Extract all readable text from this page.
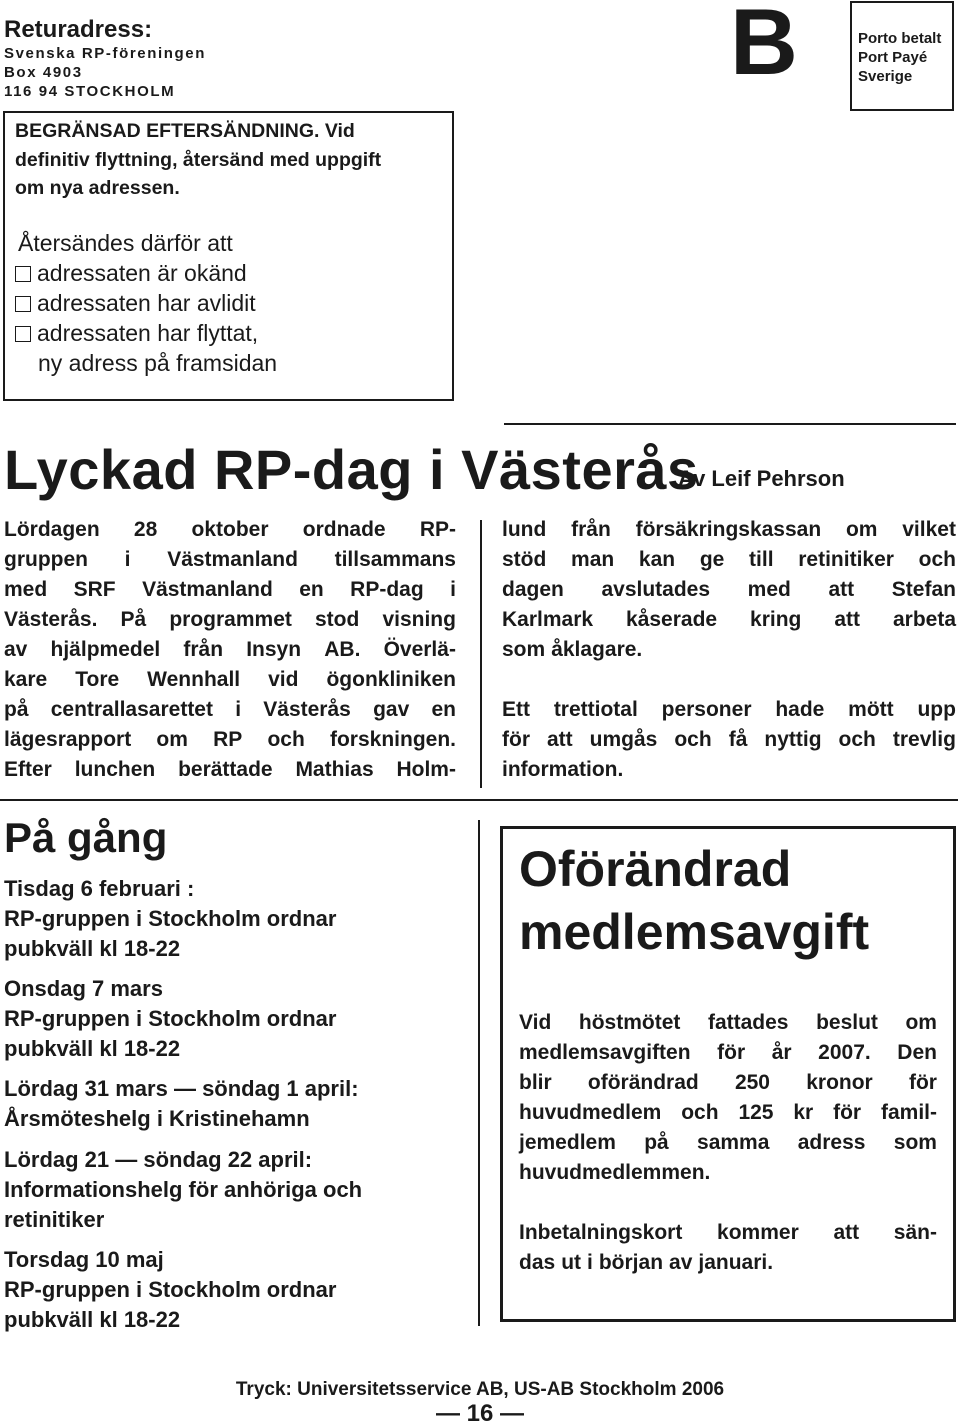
Returadress:
Svenska RP-föreningen
Box 4903
116 94 STOCKHOLM	B	Porto betalt
Port Payé
Sverige
BEGRÄNSAD EFTERSÄNDNING. Vid
definitiv flyttning, återsänd med uppgift
om nya adressen.
Återsändes därför att
adressaten är okänd
adressaten har avlidit
adressaten har flyttat,
ny adress på framsidan
Lyckad RP-dag i Västerås
Av Leif Pehrson
Lördagen 28 oktober ordnade RP-
gruppen i Västmanland tillsammans
med SRF Västmanland en RP-dag i
Västerås. På programmet stod visning
av hjälpmedel från Insyn AB. Överlä-
kare Tore Wennhall vid ögonkliniken
på centrallasarettet i Västerås gav en
lägesrapport om RP och forskningen.
Efter lunchen berättade Mathias Holm-
lund från försäkringskassan om vilket
stöd man kan ge till retinitiker och
dagen avslutades med att Stefan
Karlmark kåserade kring att arbeta
som åklagare.
Ett trettiotal personer hade mött upp
för att umgås och få nyttig och trevlig
information.
På gång
Tisdag 6 februari :
RP-gruppen i Stockholm ordnar
pubkväll kl 18-22
Onsdag 7 mars
RP-gruppen i Stockholm ordnar
pubkväll kl 18-22
Lördag 31 mars — söndag 1 april:
Årsmöteshelg i Kristinehamn
Lördag 21 — söndag 22 april:
Informationshelg för anhöriga och
retinitiker
Torsdag 10 maj
RP-gruppen i Stockholm ordnar
pubkväll kl 18-22
Oförändrad
medlemsavgift
Vid höstmötet fattades beslut om
medlemsavgiften för år 2007. Den
blir oförändrad 250 kronor för
huvudmedlem och 125 kr för famil-
jemedlem på samma adress som
huvudmedlemmen.
Inbetalningskort kommer att sän-
das ut i början av januari.
Tryck: Universitetsservice AB, US-AB Stockholm 2006
— 16 —
